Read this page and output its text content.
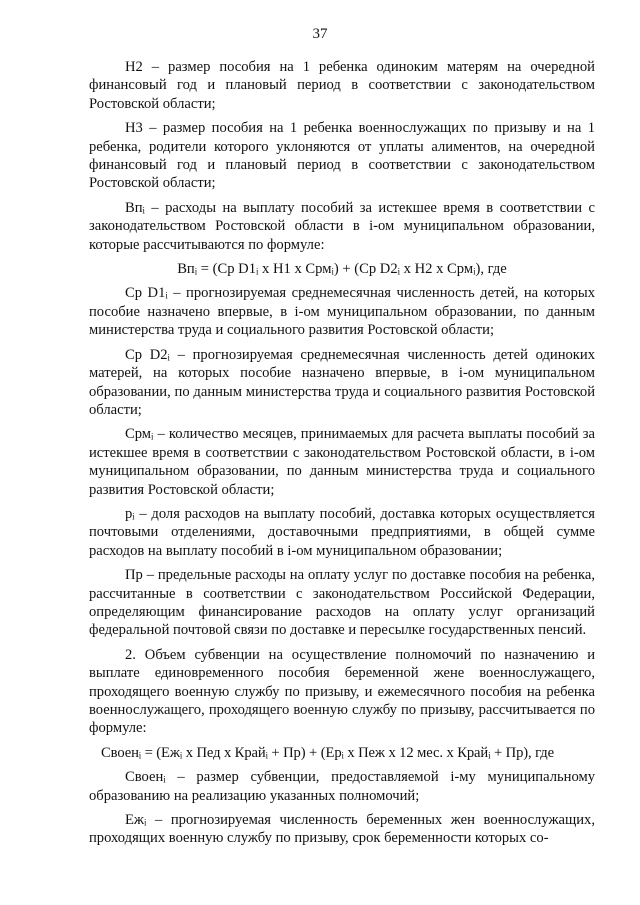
37

Н2 – размер пособия на 1 ребенка одиноким матерям на очередной финансовый год и плановый период в соответствии с законодательством Ростовской области;

Н3 – размер пособия на 1 ребенка военнослужащих по призыву и на 1 ребенка, родители которого уклоняются от уплаты алиментов, на очередной финансовый год и плановый период в соответствии с законодательством Ростовской области;

Впᵢ – расходы на выплату пособий за истекшее время в соответствии с законодательством Ростовской области в i-ом муниципальном образовании, которые рассчитываются по формуле:

Впᵢ = (Ср D1ᵢ x Н1 x Срмᵢ) + (Ср D2ᵢ x Н2 x Срмᵢ), где

Ср D1ᵢ – прогнозируемая среднемесячная численность детей, на которых пособие назначено впервые, в i-ом муниципальном образовании, по данным министерства труда и социального развития Ростовской области;

Ср D2ᵢ – прогнозируемая среднемесячная численность детей одиноких матерей, на которых пособие назначено впервые, в i-ом муниципальном образовании, по данным министерства труда и социального развития Ростовской области;

Срмᵢ – количество месяцев, принимаемых для расчета выплаты пособий за истекшее время в соответствии с законодательством Ростовской области, в i-ом муниципальном образовании, по данным министерства труда и социального развития Ростовской области;

рᵢ – доля расходов на выплату пособий, доставка которых осуществляется почтовыми отделениями, доставочными предприятиями, в общей сумме расходов на выплату пособий в i-ом муниципальном образовании;

Пр – предельные расходы на оплату услуг по доставке пособия на ребенка, рассчитанные в соответствии с законодательством Российской Федерации, определяющим финансирование расходов на оплату услуг организаций федеральной почтовой связи по доставке и пересылке государственных пенсий.

2. Объем субвенции на осуществление полномочий по назначению и выплате единовременного пособия беременной жене военнослужащего, проходящего военную службу по призыву, и ежемесячного пособия на ребенка военнослужащего, проходящего военную службу по призыву, рассчитывается по формуле:

Своенᵢ = (Ежᵢ x Пед x Крайᵢ + Пр) + (Ерᵢ x Пеж x 12 мес. x Крайᵢ + Пр), где

Своенᵢ – размер субвенции, предоставляемой i-му муниципальному образованию на реализацию указанных полномочий;

Ежᵢ – прогнозируемая численность беременных жен военнослужащих, проходящих военную службу по призыву, срок беременности которых со-
